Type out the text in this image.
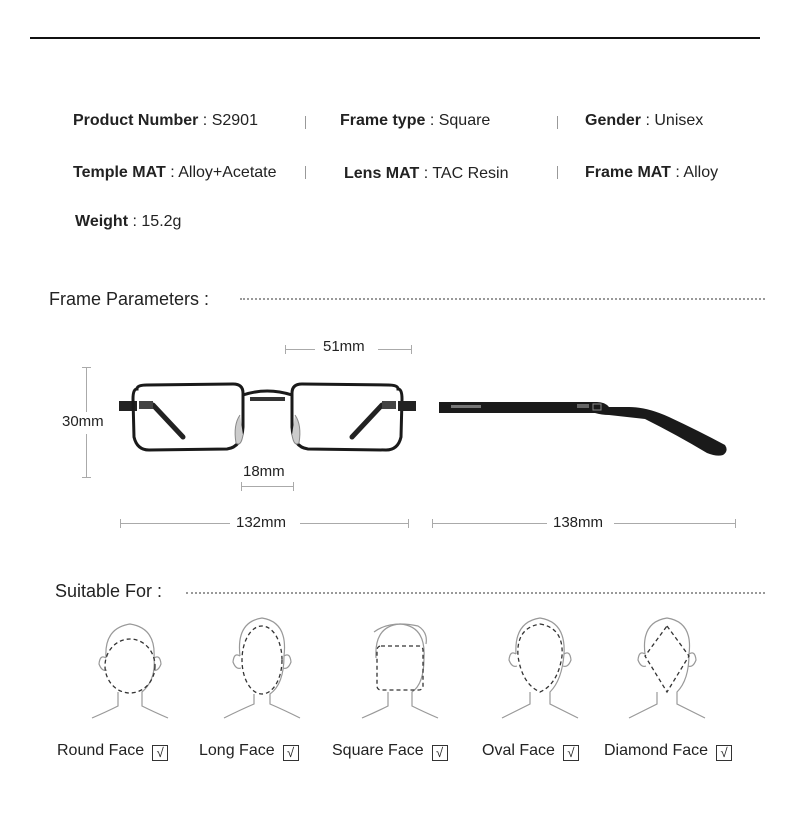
Product Number : S2901	Frame type : Square	Gender : Unisex
Temple MAT : Alloy+Acetate	Lens MAT : TAC Resin	Frame MAT : Alloy
Weight : 15.2g
Frame Parameters :
51mm
30mm
18mm
132mm	138mm
Suitable For :
Round Face √ Long Face √ Square Face √ Oval Face √ Diamond Face √
